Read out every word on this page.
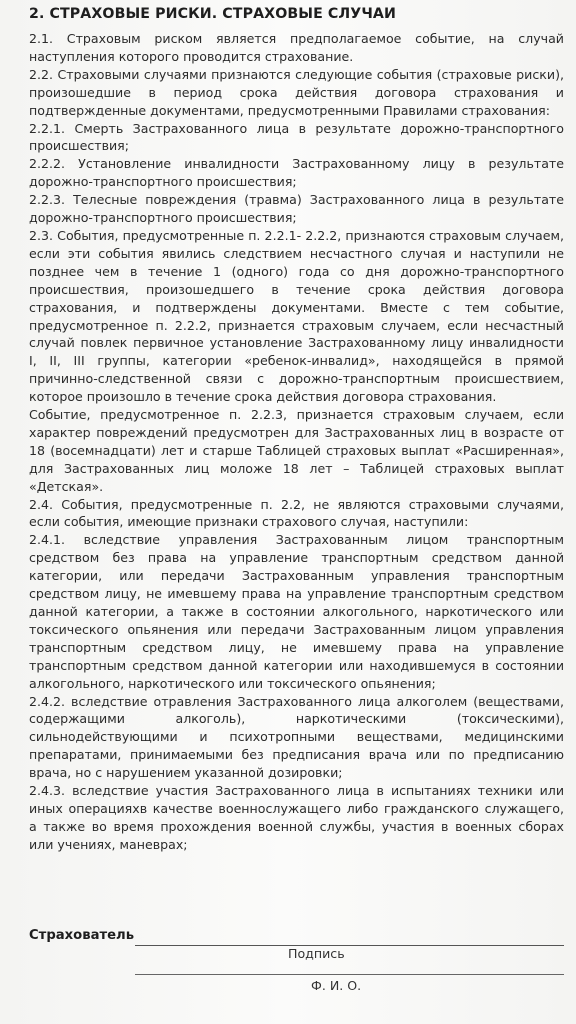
2. СТРАХОВЫЕ РИСКИ. СТРАХОВЫЕ СЛУЧАИ

2.1. Страховым риском является предполагаемое событие, на случай наступления которого проводится страхование.

2.2. Страховыми случаями признаются следующие события (страховые риски), произошедшие в период срока действия договора страхования и подтвержденные документами, предусмотренными Правилами страхования:

2.2.1. Смерть Застрахованного лица в результате дорожно-транспортного происшествия;

2.2.2. Установление инвалидности Застрахованному лицу в результате дорожно-транспортного происшествия;

2.2.3. Телесные повреждения (травма) Застрахованного лица в результате дорожно-транспортного происшествия;

2.3. События, предусмотренные п. 2.2.1- 2.2.2, признаются страховым случаем, если эти события явились следствием несчастного случая и наступили не позднее чем в течение 1 (одного) года со дня дорожно-транспортного происшествия, произошедшего в течение срока действия договора страхования, и подтверждены документами. Вместе с тем событие, предусмотренное п. 2.2.2, признается страховым случаем, если несчастный случай повлек первичное установление Застрахованному лицу инвалидности I, II, III группы, категории «ребенок-инвалид», находящейся в прямой причинно-следственной связи с дорожно-транспортным происшествием, которое произошло в течение срока действия договора страхования.

Событие, предусмотренное п. 2.2.3, признается страховым случаем, если характер повреждений предусмотрен для Застрахованных лиц в возрасте от 18 (восемнадцати) лет и старше Таблицей страховых выплат «Расширенная», для Застрахованных лиц моложе 18 лет – Таблицей страховых выплат «Детская».

2.4. События, предусмотренные п. 2.2, не являются страховыми случаями, если события, имеющие признаки страхового случая, наступили:

2.4.1. вследствие управления Застрахованным лицом транспортным средством без права на управление транспортным средством данной категории, или передачи Застрахованным управления транспортным средством лицу, не имевшему права на управление транспортным средством данной категории, а также в состоянии алкогольного, наркотического или токсического опьянения или передачи Застрахованным лицом управления транспортным средством лицу, не имевшему права на управление транспортным средством данной категории или находившемуся в состоянии алкогольного, наркотического или токсического опьянения;

2.4.2. вследствие отравления Застрахованного лица алкоголем (веществами, содержащими алкоголь), наркотическими (токсическими), сильнодействующими и психотропными веществами, медицинскими препаратами, принимаемыми без предписания врача или по предписанию врача, но с нарушением указанной дозировки;

2.4.3. вследствие участия Застрахованного лица в испытаниях техники или иных операцияхв качестве военнослужащего либо гражданского служащего, а также во время прохождения военной службы, участия в военных сборах или учениях, маневрах;

Страхователь
Подпись
Ф. И. О.
